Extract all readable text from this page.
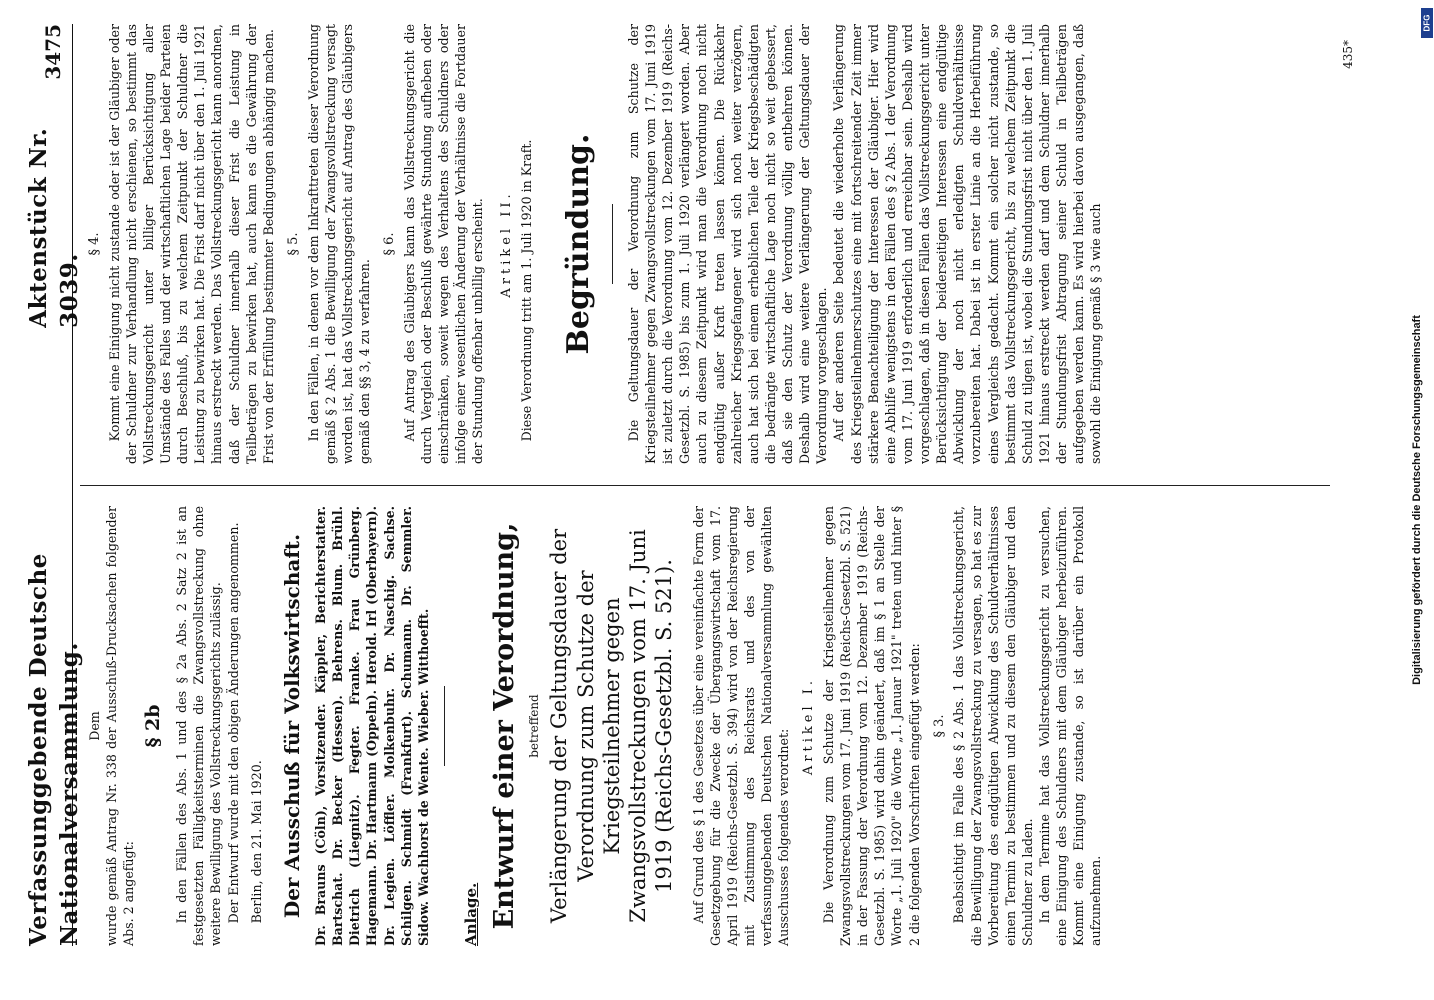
Verfassunggebende Deutsche Nationalversammlung.
Aktenstück Nr. 3039.
3475

Dem wurde gemäß Antrag Nr. 338 der Ausschuß-Drucksachen folgender Abs. 2 angefügt:

§ 2b In den Fällen des Abs. 1 und des § 2a Abs. 2 Satz 2 ist an festgesetzten Fälligkeitsterminen die Zwangsvollstreckung ohne weitere Bewilligung des Vollstreckungsgerichts zulässig. Der Entwurf wurde mit den obigen Änderungen angenommen. Berlin, den 21. Mai 1920. Der Ausschuß für Volkswirtschaft. Dr. Brauns (Cöln), Vorsitzender. Käppler, Berichterstatter. Bartschat. Dr. Becker (Hessen). Behrens. Blum. Brühl. Dietrich (Liegnitz). Fegter. Franke. Frau Grünberg. Hagemann. Dr. Hartmann (Oppeln). Herold. Irl (Oberbayern). Dr. Legien. Löffler. Molkenbuhr. Dr. Naschig. Sachse. Schilgen. Schmidt (Frankfurt). Schumann. Dr. Semmler. Sidow. Wachhorst de Wente. Wieber. Witthoefft. Anlage. Entwurf einer Verordnung, betreffend Verlängerung der Geltungsdauer der Verordnung zum Schutze der Kriegsteilnehmer gegen Zwangsvollstreckungen vom 17. Juni 1919 (Reichs-Gesetzbl. S. 521). Auf Grund des § 1 des Gesetzes über eine vereinfachte Form der Gesetzgebung für die Zwecke der Übergangswirtschaft vom 17. April 1919 (Reichs-Gesetzbl. S. 394) wird von der Reichsregierung mit Zustimmung des Reichsrats und des von der verfassunggebenden Deutschen Nationalversammlung gewählten Ausschusses folgendes verordnet:

Artikel I. Die Verordnung zum Schutze der Kriegsteilnehmer gegen Zwangsvollstreckungen vom 17. Juni 1919 (Reichs-Gesetzbl. S. 521) in der Fassung der Verordnung vom 12. Dezember 1919 (Reichs-Gesetzbl. S. 1985) wird dahin geändert, daß im § 1 an Stelle der Worte „1. Juli 1920" die Worte „1. Januar 1921" treten und hinter § 2 die folgenden Vorschriften eingefügt werden: § 3. Beabsichtigt im Falle des § 2 Abs. 1 das Vollstreckungsgericht, die Bewilligung der Zwangsvollstreckung zu versagen, so hat es zur Vorbereitung des endgültigen Abwicklung des Schuldverhältnisses einen Termin zu bestimmen und zu diesem den Gläubiger und den Schuldner zu laden. In dem Termine hat das Vollstreckungsgericht zu versuchen, eine Einigung des Schuldners mit dem Gläubiger herbeizuführen. Kommt eine Einigung zustande, so ist darüber ein Protokoll aufzunehmen.

§ 4. Kommt eine Einigung nicht zustande oder ist der Gläubiger oder der Schuldner zur Verhandlung nicht erschienen, so bestimmt das Vollstreckungsgericht unter billiger Berücksichtigung aller Umstände des Falles und der wirtschaftlichen Lage beider Parteien durch Beschluß, bis zu welchem Zeitpunkt der Schuldner die Leistung zu bewirken hat. Die Frist darf nicht über den 1. Juli 1921 hinaus erstreckt werden. Das Vollstreckungsgericht kann anordnen, daß der Schuldner innerhalb dieser Frist die Leistung in Teilbeträgen zu bewirken hat, auch kann es die Gewährung der Frist von der Erfüllung bestimmter Bedingungen abhängig machen. § 5. In den Fällen, in denen vor dem Inkrafttreten dieser Verordnung gemäß § 2 Abs. 1 die Bewilligung der Zwangsvollstreckung versagt worden ist, hat das Vollstreckungsgericht auf Antrag des Gläubigers gemäß den §§ 3, 4 zu verfahren.

§ 6. Auf Antrag des Gläubigers kann das Vollstreckungsgericht die durch Vergleich oder Beschluß gewährte Stundung aufheben oder einschränken, soweit wegen des Verhaltens des Schuldners oder infolge einer wesentlichen Änderung der Verhältnisse die Fortdauer der Stundung offenbar unbillig erscheint. Artikel II. Diese Verordnung tritt am 1. Juli 1920 in Kraft. Begründung.	Die Geltungsdauer der Verordnung zum Schutze der Kriegsteilnehmer gegen Zwangsvollstreckungen vom 17. Juni 1919 ist zuletzt durch die Verordnung vom 12. Dezember 1919 (Reichs-Gesetzbl. S. 1985) bis zum 1. Juli 1920 verlängert worden. Aber auch zu diesem Zeitpunkt wird man die Verordnung noch nicht endgültig außer Kraft treten lassen können. Die Rückkehr zahlreicher Kriegsgefangener wird sich noch weiter verzögern, auch hat sich bei einem erheblichen Teile der Kriegsbeschädigten die bedrängte wirtschaftliche Lage noch nicht so weit gebessert, daß sie den Schutz der Verordnung völlig entbehren können. Deshalb wird eine weitere Verlängerung der Geltungsdauer der Verordnung vorgeschlagen. Auf der anderen Seite bedeutet die wiederholte Verlängerung des Kriegsteilnehmerschutzes eine mit fortschreitender Zeit immer stärkere Benachteiligung der Interessen der Gläubiger. Hier wird eine Abhilfe wenigstens in den Fällen des § 2 Abs. 1 der Verordnung vom 17. Juni 1919 erforderlich und erreichbar sein. Deshalb wird vorgeschlagen, daß in diesen Fällen das Vollstreckungsgericht unter Berücksichtigung der beiderseitigen Interessen eine endgültige Abwicklung der noch nicht erledigten Schuldverhältnisse vorzubereiten hat. Dabei ist in erster Linie an die Herbeiführung eines Vergleichs gedacht. Kommt ein solcher nicht zustande, so bestimmt das Vollstreckungsgericht, bis zu welchem Zeitpunkt die Schuld zu tilgen ist, wobei die Stundungsfrist nicht über den 1. Juli 1921 hinaus erstreckt werden darf und dem Schuldner innerhalb der Stundungsfrist Abtragung seiner Schuld in Teilbeträgen aufgegeben werden kann. Es wird hierbei davon ausgegangen, daß sowohl die Einigung gemäß § 3 wie auch

435*
Digitalisierung gefördert durch die Deutsche Forschungsgemeinschaft
DFG
